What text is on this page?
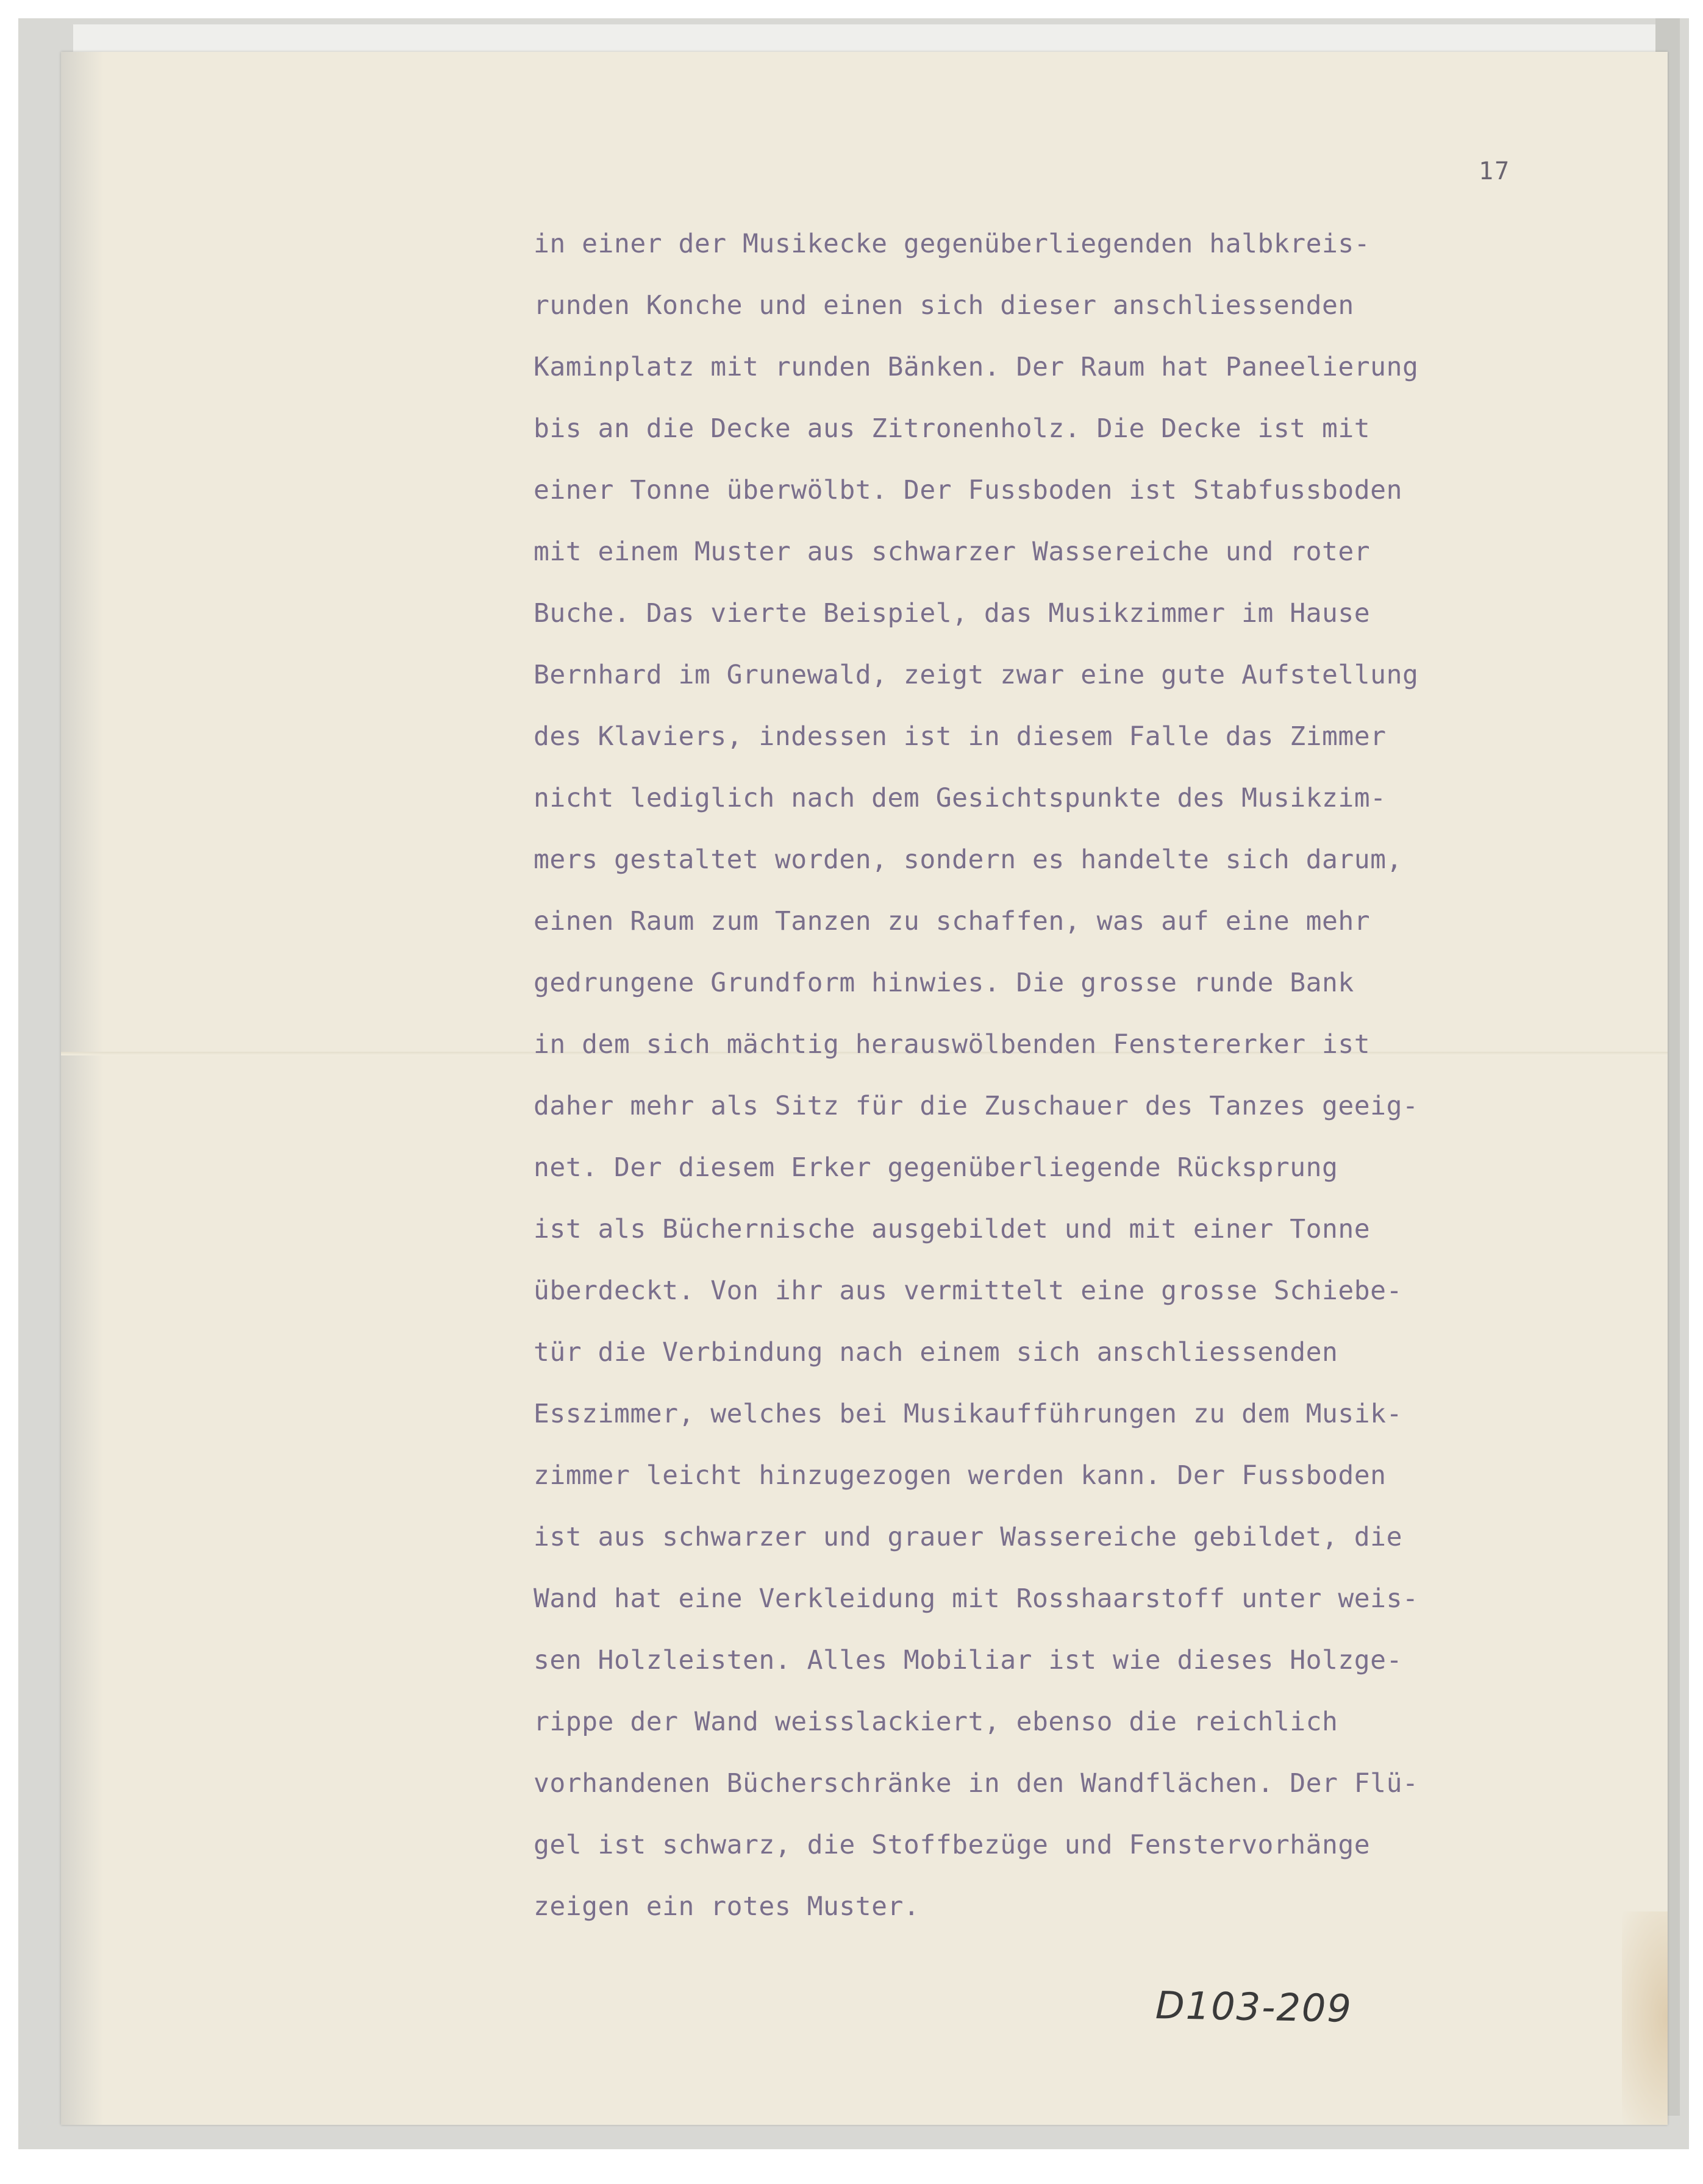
17
in einer der Musikecke gegenüberliegenden halbkreis-
runden Konche und einen sich dieser anschliessenden
Kaminplatz mit runden Bänken. Der Raum hat Paneelierung
bis an die Decke aus Zitronenholz. Die Decke ist mit
einer Tonne überwölbt. Der Fussboden ist Stabfussboden
mit einem Muster aus schwarzer Wassereiche und roter
Buche. Das vierte Beispiel, das Musikzimmer im Hause
Bernhard im Grunewald, zeigt zwar eine gute Aufstellung
des Klaviers, indessen ist in diesem Falle das Zimmer
nicht lediglich nach dem Gesichtspunkte des Musikzim-
mers gestaltet worden, sondern es handelte sich darum,
einen Raum zum Tanzen zu schaffen, was auf eine mehr
gedrungene Grundform hinwies. Die grosse runde Bank
in dem sich mächtig herauswölbenden Fenstererker ist
daher mehr als Sitz für die Zuschauer des Tanzes geeig-
net. Der diesem Erker gegenüberliegende Rücksprung
ist als Büchernische ausgebildet und mit einer Tonne
überdeckt. Von ihr aus vermittelt eine grosse Schiebe-
tür die Verbindung nach einem sich anschliessenden
Esszimmer, welches bei Musikaufführungen zu dem Musik-
zimmer leicht hinzugezogen werden kann. Der Fussboden
ist aus schwarzer und grauer Wassereiche gebildet, die
Wand hat eine Verkleidung mit Rosshaarstoff unter weis-
sen Holzleisten. Alles Mobiliar ist wie dieses Holzge-
rippe der Wand weisslackiert, ebenso die reichlich
vorhandenen Bücherschränke in den Wandflächen. Der Flü-
gel ist schwarz, die Stoffbezüge und Fenstervorhänge
zeigen ein rotes Muster.
D103-209
